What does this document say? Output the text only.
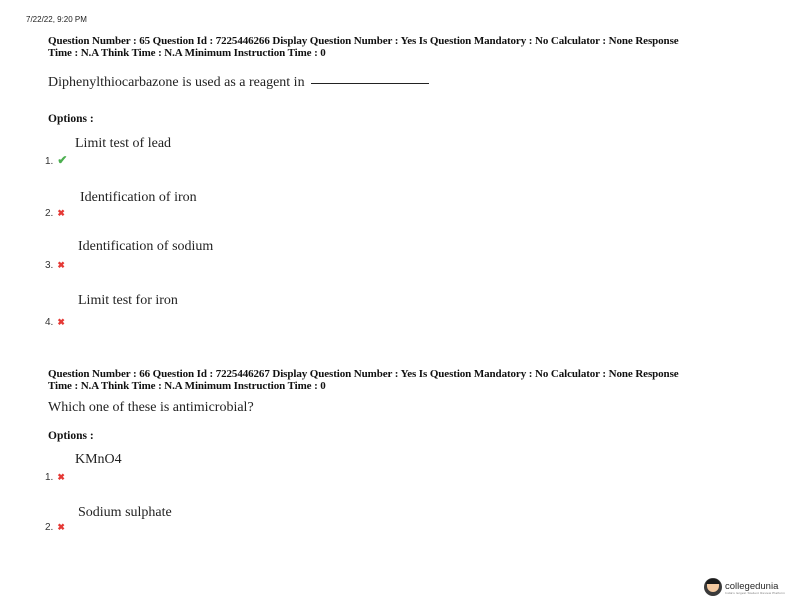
7/22/22, 9:20 PM
Question Number : 65 Question Id : 7225446266 Display Question Number : Yes Is Question Mandatory : No Calculator : None Response
Time : N.A Think Time : N.A Minimum Instruction Time : 0
Diphenylthiocarbazone is used as a reagent in
Options :
Limit test of lead
1. ✔
Identification of iron
2. ✖
Identification of sodium
3. ✖
Limit test for iron
4. ✖
Question Number : 66 Question Id : 7225446267 Display Question Number : Yes Is Question Mandatory : No Calculator : None Response
Time : N.A Think Time : N.A Minimum Instruction Time : 0
Which one of these is antimicrobial?
Options :
KMnO4
1. ✖
Sodium sulphate
2. ✖
collegedunia
India's largest Student Review Platform
